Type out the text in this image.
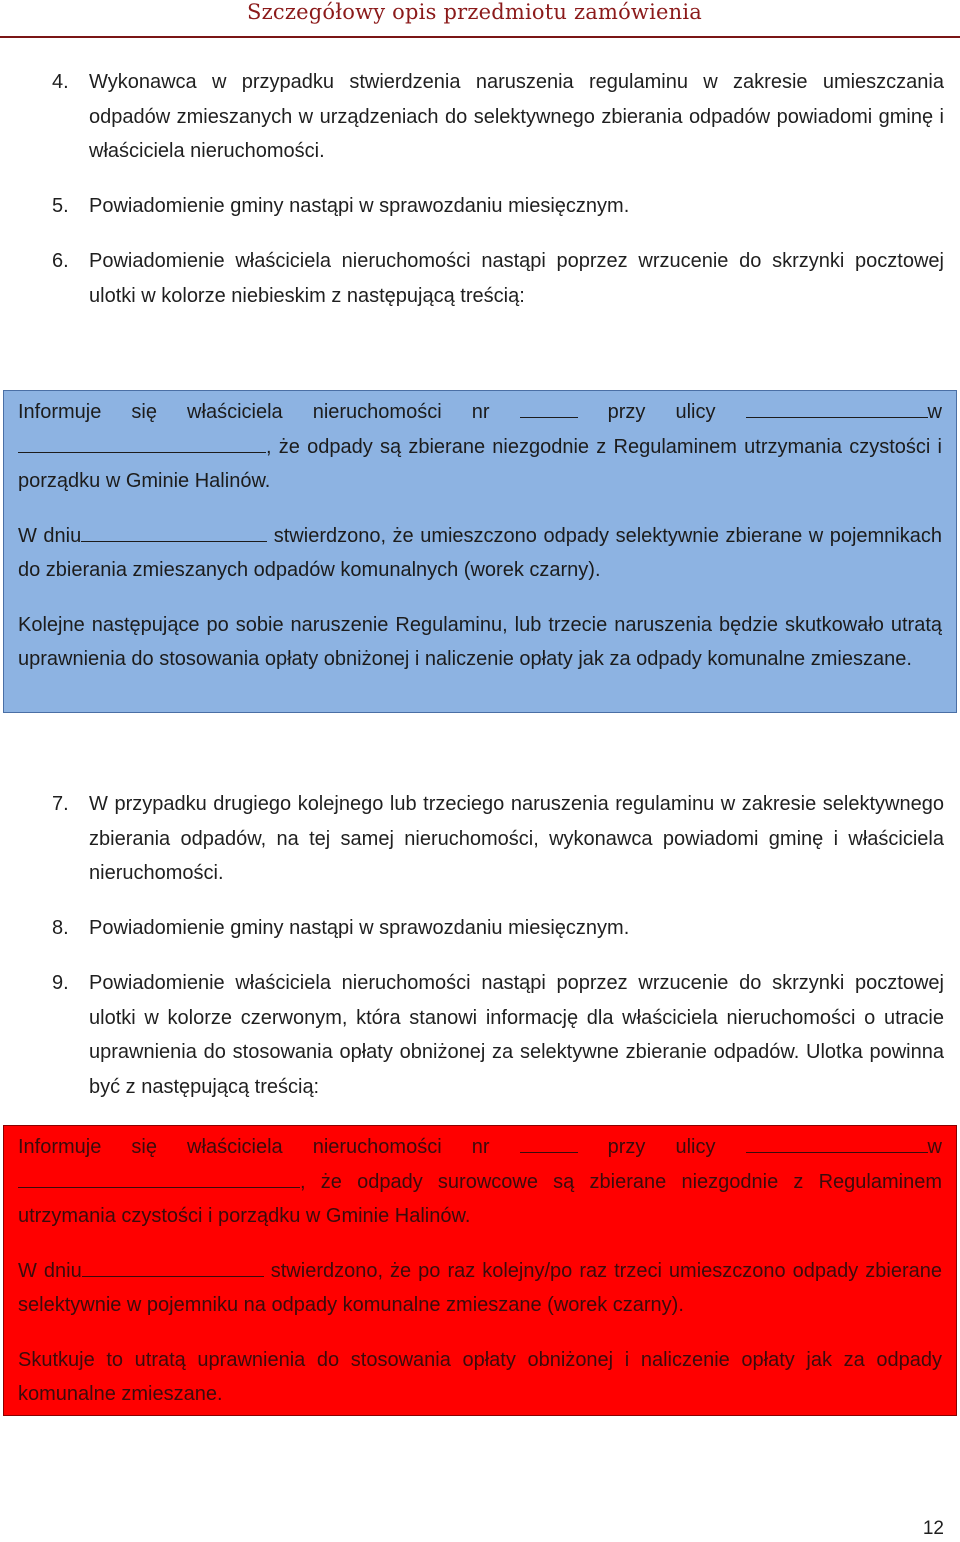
Szczegółowy opis przedmiotu zamówienia
4. Wykonawca w przypadku stwierdzenia naruszenia regulaminu w zakresie umieszczania odpadów zmieszanych w urządzeniach do selektywnego zbierania odpadów powiadomi gminę i właściciela nieruchomości.
5. Powiadomienie gminy nastąpi w sprawozdaniu miesięcznym.
6. Powiadomienie właściciela nieruchomości nastąpi poprzez wrzucenie do skrzynki pocztowej ulotki w kolorze niebieskim z następującą treścią:

Informuje się właściciela nieruchomości nr	przy ulicy	w , że odpady są zbierane niezgodnie z Regulaminem utrzymania czystości i porządku w Gminie Halinów.

W dniu	stwierdzono, że umieszczono odpady selektywnie zbierane w pojemnikach do zbierania zmieszanych odpadów komunalnych (worek czarny).

Kolejne następujące po sobie naruszenie Regulaminu, lub trzecie naruszenia będzie skutkowało utratą uprawnienia do stosowania opłaty obniżonej i naliczenie opłaty jak za odpady komunalne zmieszane.

7. W przypadku drugiego kolejnego lub trzeciego naruszenia regulaminu w zakresie selektywnego zbierania odpadów, na tej samej nieruchomości, wykonawca powiadomi gminę i właściciela nieruchomości.
8. Powiadomienie gminy nastąpi w sprawozdaniu miesięcznym.
9. Powiadomienie właściciela nieruchomości nastąpi poprzez wrzucenie do skrzynki pocztowej ulotki w kolorze czerwonym, która stanowi informację dla właściciela nieruchomości o utracie uprawnienia do stosowania opłaty obniżonej za selektywne zbieranie odpadów. Ulotka powinna być z następującą treścią:

Informuje się właściciela nieruchomości nr	przy ulicy	w , że odpady surowcowe są zbierane niezgodnie z Regulaminem utrzymania czystości i porządku w Gminie Halinów.

W dniu	stwierdzono, że po raz kolejny/po raz trzeci umieszczono odpady zbierane selektywnie w pojemniku na odpady komunalne zmieszane (worek czarny).

Skutkuje to utratą uprawnienia do stosowania opłaty obniżonej i naliczenie opłaty jak za odpady komunalne zmieszane.

12
